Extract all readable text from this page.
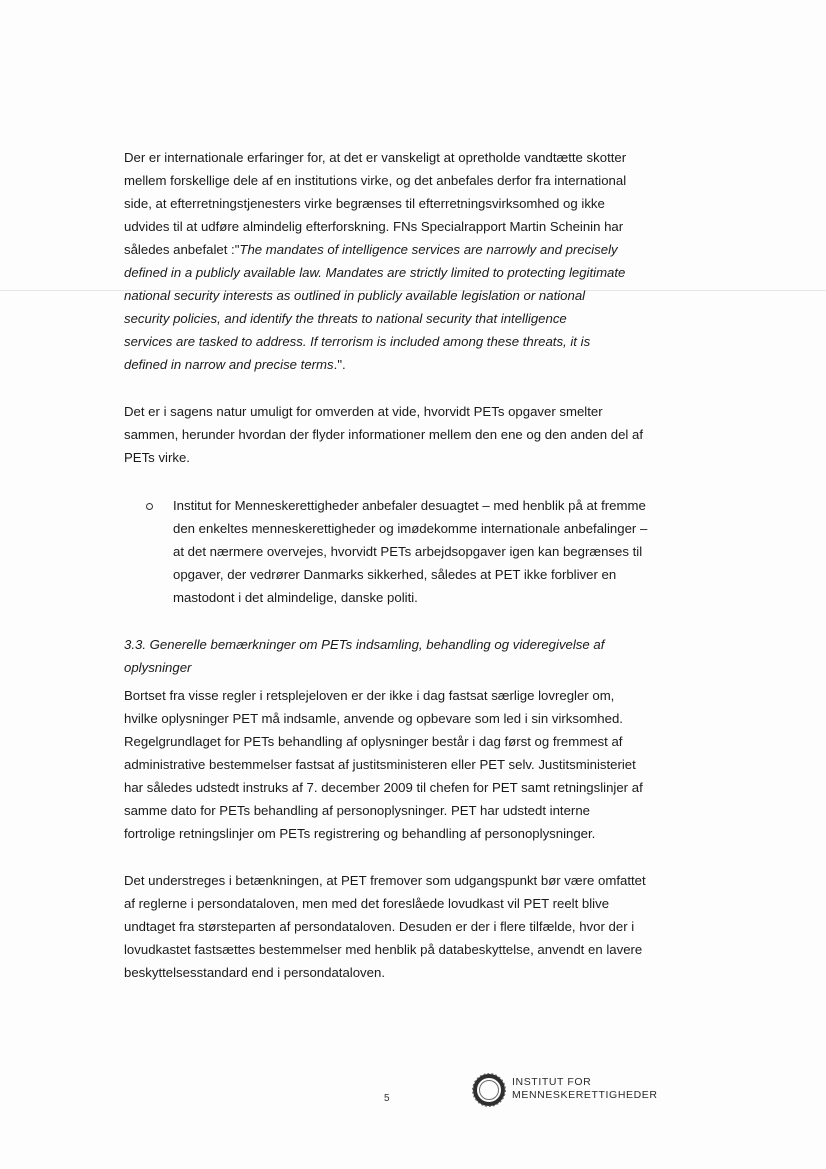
Der er internationale erfaringer for, at det er vanskeligt at opretholde vandtætte skotter
mellem forskellige dele af en institutions virke, og det anbefales derfor fra international
side, at efterretningstjenesters virke begrænses til efterretningsvirksomhed og ikke
udvides til at udføre almindelig efterforskning. FNs Specialrapport Martin Scheinin har
således anbefalet :"The mandates of intelligence services are narrowly and precisely
defined in a publicly available law. Mandates are strictly limited to protecting legitimate
national security interests as outlined in publicly available legislation or national
security policies, and identify the threats to national security that intelligence
services are tasked to address. If terrorism is included among these threats, it is
defined in narrow and precise terms.".
Det er i sagens natur umuligt for omverden at vide, hvorvidt PETs opgaver smelter
sammen, herunder hvordan der flyder informationer mellem den ene og den anden del af
PETs virke.
Institut for Menneskerettigheder anbefaler desuagtet – med henblik på at fremme
den enkeltes menneskerettigheder og imødekomme internationale anbefalinger –
at det nærmere overvejes, hvorvidt PETs arbejdsopgaver igen kan begrænses til
opgaver, der vedrører Danmarks sikkerhed, således at PET ikke forbliver en
mastodont i det almindelige, danske politi.
3.3. Generelle bemærkninger om PETs indsamling, behandling og videregivelse af
oplysninger
Bortset fra visse regler i retsplejeloven er der ikke i dag fastsat særlige lovregler om,
hvilke oplysninger PET må indsamle, anvende og opbevare som led i sin virksomhed.
Regelgrundlaget for PETs behandling af oplysninger består i dag først og fremmest af
administrative bestemmelser fastsat af justitsministeren eller PET selv. Justitsministeriet
har således udstedt instruks af 7. december 2009 til chefen for PET samt retningslinjer af
samme dato for PETs behandling af personoplysninger. PET har udstedt interne
fortrolige retningslinjer om PETs registrering og behandling af personoplysninger.
Det understreges i betænkningen, at PET fremover som udgangspunkt bør være omfattet
af reglerne i persondataloven, men med det foreslåede lovudkast vil PET reelt blive
undtaget fra størsteparten af persondataloven. Desuden er der i flere tilfælde, hvor der i
lovudkastet fastsættes bestemmelser med henblik på databeskyttelse, anvendt en lavere
beskyttelsesstandard end i persondataloven.
5
INSTITUT FOR
MENNESKERETTIGHEDER
